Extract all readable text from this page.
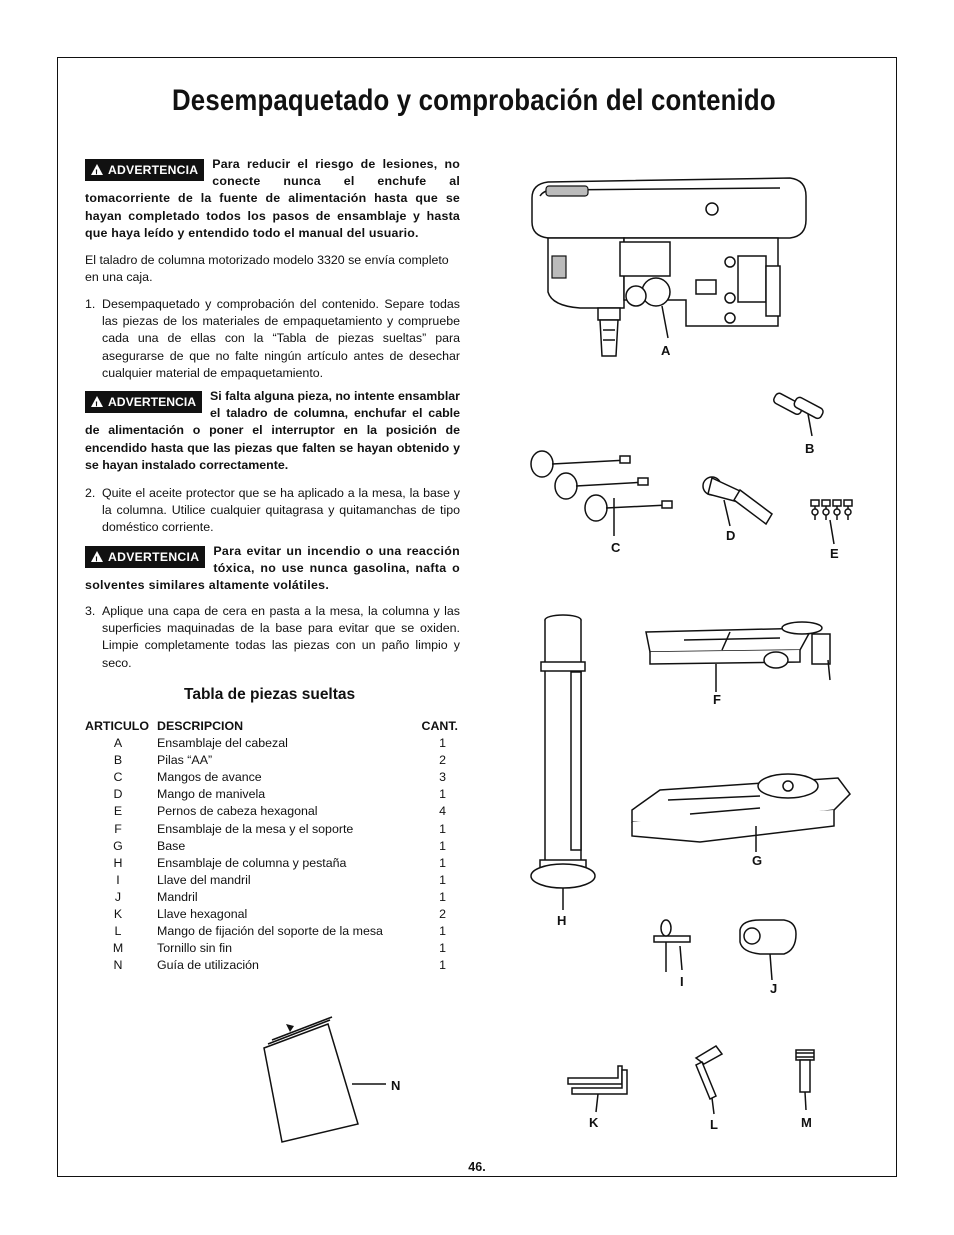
Desempaquetado y comprobación del contenido

!ADVERTENCIA	Para reducir el riesgo de lesiones, no conecte nunca el enchufe al tomacorriente de la fuente de alimentación hasta que se hayan completado todos los pasos de ensamblaje y hasta que haya leído y entendido todo el manual del usuario.

El taladro de columna motorizado modelo 3320 se envía completo en una caja.

1. Desempaquetado y comprobación del contenido. Separe todas las piezas de los materiales de empaquetamiento y compruebe cada una de ellas con la “Tabla de piezas sueltas” para asegurarse de que no falte ningún artículo antes de desechar cualquier material de empaquetamiento.

!ADVERTENCIA	Si falta alguna pieza, no intente ensamblar el taladro de columna, enchufar el cable de alimentación o poner el interruptor en la posición de encendido hasta que las piezas que falten se hayan obtenido y se hayan instalado correctamente.

2. Quite el aceite protector que se ha aplicado a la mesa, la base y la columna. Utilice cualquier quitagrasa y quitamanchas de tipo doméstico corriente.

!ADVERTENCIA	Para evitar un incendio o una reacción tóxica, no use nunca gasolina, nafta o solventes similares altamente volátiles.

3. Aplique una capa de cera en pasta a la mesa, la columna y las superficies maquinadas de la base para evitar que se oxiden. Limpie completamente todas las piezas con un paño limpio y seco.
Tabla de piezas sueltas
ARTICULO	DESCRIPCION	CANT.
A	Ensamblaje del cabezal	1
B	Pilas “AA”	2
C	Mangos de avance	3
D	Mango de manivela	1
E	Pernos de cabeza hexagonal	4
F	Ensamblaje de la mesa y el soporte	1
G	Base	1
H	Ensamblaje de columna y pestaña	1
I	Llave del mandril	1
J	Mandril	1
K	Llave hexagonal	2
L	Mango de fijación del soporte de la mesa	1
M	Tornillo sin fin	1
N	Guía de utilización	1
A
B
C
D
E
F
G
H
I	J
K	L	M
N
46.
